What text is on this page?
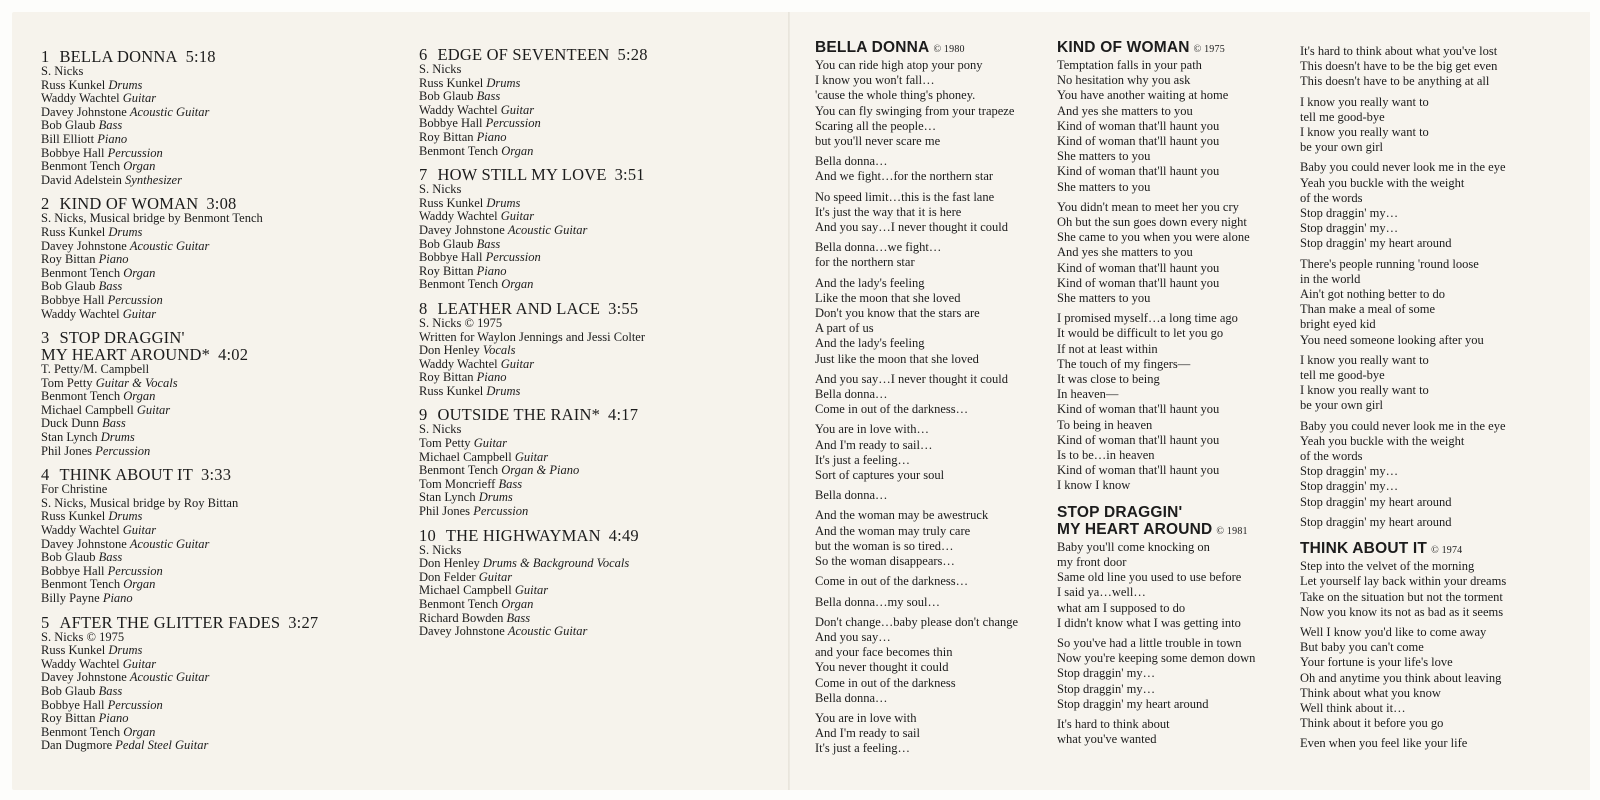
1 BELLA DONNA 5:18
S. Nicks
Russ Kunkel Drums
Waddy Wachtel Guitar
Davey Johnstone Acoustic Guitar
Bob Glaub Bass
Bill Elliott Piano
Bobbye Hall Percussion
Benmont Tench Organ
David Adelstein Synthesizer
2 KIND OF WOMAN 3:08
S. Nicks, Musical bridge by Benmont Tench
Russ Kunkel Drums
Davey Johnstone Acoustic Guitar
Roy Bittan Piano
Benmont Tench Organ
Bob Glaub Bass
Bobbye Hall Percussion
Waddy Wachtel Guitar
3 STOP DRAGGIN'
MY HEART AROUND* 4:02
T. Petty/M. Campbell
Tom Petty Guitar & Vocals
Benmont Tench Organ
Michael Campbell Guitar
Duck Dunn Bass
Stan Lynch Drums
Phil Jones Percussion
4 THINK ABOUT IT 3:33
For Christine
S. Nicks, Musical bridge by Roy Bittan
Russ Kunkel Drums
Waddy Wachtel Guitar
Davey Johnstone Acoustic Guitar
Bob Glaub Bass
Bobbye Hall Percussion
Benmont Tench Organ
Billy Payne Piano
5 AFTER THE GLITTER FADES 3:27
S. Nicks © 1975
Russ Kunkel Drums
Waddy Wachtel Guitar
Davey Johnstone Acoustic Guitar
Bob Glaub Bass
Bobbye Hall Percussion
Roy Bittan Piano
Benmont Tench Organ
Dan Dugmore Pedal Steel Guitar
6 EDGE OF SEVENTEEN 5:28
S. Nicks
Russ Kunkel Drums
Bob Glaub Bass
Waddy Wachtel Guitar
Bobbye Hall Percussion
Roy Bittan Piano
Benmont Tench Organ
7 HOW STILL MY LOVE 3:51
S. Nicks
Russ Kunkel Drums
Waddy Wachtel Guitar
Davey Johnstone Acoustic Guitar
Bob Glaub Bass
Bobbye Hall Percussion
Roy Bittan Piano
Benmont Tench Organ
8 LEATHER AND LACE 3:55
S. Nicks © 1975
Written for Waylon Jennings and Jessi Colter
Don Henley Vocals
Waddy Wachtel Guitar
Roy Bittan Piano
Russ Kunkel Drums
9 OUTSIDE THE RAIN* 4:17
S. Nicks
Tom Petty Guitar
Michael Campbell Guitar
Benmont Tench Organ & Piano
Tom Moncrieff Bass
Stan Lynch Drums
Phil Jones Percussion
10 THE HIGHWAYMAN 4:49
S. Nicks
Don Henley Drums & Background Vocals
Don Felder Guitar
Michael Campbell Guitar
Benmont Tench Organ
Richard Bowden Bass
Davey Johnstone Acoustic Guitar
BELLA DONNA © 1980
You can ride high atop your pony
I know you won't fall…
'cause the whole thing's phoney.
You can fly swinging from your trapeze
Scaring all the people…
but you'll never scare me
Bella donna…
And we fight…for the northern star
No speed limit…this is the fast lane
It's just the way that it is here
And you say…I never thought it could
Bella donna…we fight…
for the northern star
And the lady's feeling
Like the moon that she loved
Don't you know that the stars are
A part of us
And the lady's feeling
Just like the moon that she loved
And you say…I never thought it could
Bella donna…
Come in out of the darkness…
You are in love with…
And I'm ready to sail…
It's just a feeling…
Sort of captures your soul
Bella donna…
And the woman may be awestruck
And the woman may truly care
but the woman is so tired…
So the woman disappears…
Come in out of the darkness…
Bella donna…my soul…
Don't change…baby please don't change
And you say…
and your face becomes thin
You never thought it could
Come in out of the darkness
Bella donna…
You are in love with
And I'm ready to sail
It's just a feeling…
KIND OF WOMAN © 1975
Temptation falls in your path
No hesitation why you ask
You have another waiting at home
And yes she matters to you
Kind of woman that'll haunt you
Kind of woman that'll haunt you
She matters to you
Kind of woman that'll haunt you
She matters to you
You didn't mean to meet her you cry
Oh but the sun goes down every night
She came to you when you were alone
And yes she matters to you
Kind of woman that'll haunt you
Kind of woman that'll haunt you
She matters to you
I promised myself…a long time ago
It would be difficult to let you go
If not at least within
The touch of my fingers—
It was close to being
In heaven—
Kind of woman that'll haunt you
To being in heaven
Kind of woman that'll haunt you
Is to be…in heaven
Kind of woman that'll haunt you
I know I know
STOP DRAGGIN'
MY HEART AROUND © 1981
Baby you'll come knocking on
my front door
Same old line you used to use before
I said ya…well…
what am I supposed to do
I didn't know what I was getting into
So you've had a little trouble in town
Now you're keeping some demon down
Stop draggin' my…
Stop draggin' my…
Stop draggin' my heart around
It's hard to think about
what you've wanted
It's hard to think about what you've lost
This doesn't have to be the big get even
This doesn't have to be anything at all
I know you really want to
tell me good-bye
I know you really want to
be your own girl
Baby you could never look me in the eye
Yeah you buckle with the weight
of the words
Stop draggin' my…
Stop draggin' my…
Stop draggin' my heart around
There's people running 'round loose
in the world
Ain't got nothing better to do
Than make a meal of some
bright eyed kid
You need someone looking after you
I know you really want to
tell me good-bye
I know you really want to
be your own girl
Baby you could never look me in the eye
Yeah you buckle with the weight
of the words
Stop draggin' my…
Stop draggin' my…
Stop draggin' my heart around
Stop draggin' my heart around
THINK ABOUT IT © 1974
Step into the velvet of the morning
Let yourself lay back within your dreams
Take on the situation but not the torment
Now you know its not as bad as it seems
Well I know you'd like to come away
But baby you can't come
Your fortune is your life's love
Oh and anytime you think about leaving
Think about what you know
Well think about it…
Think about it before you go
Even when you feel like your life
